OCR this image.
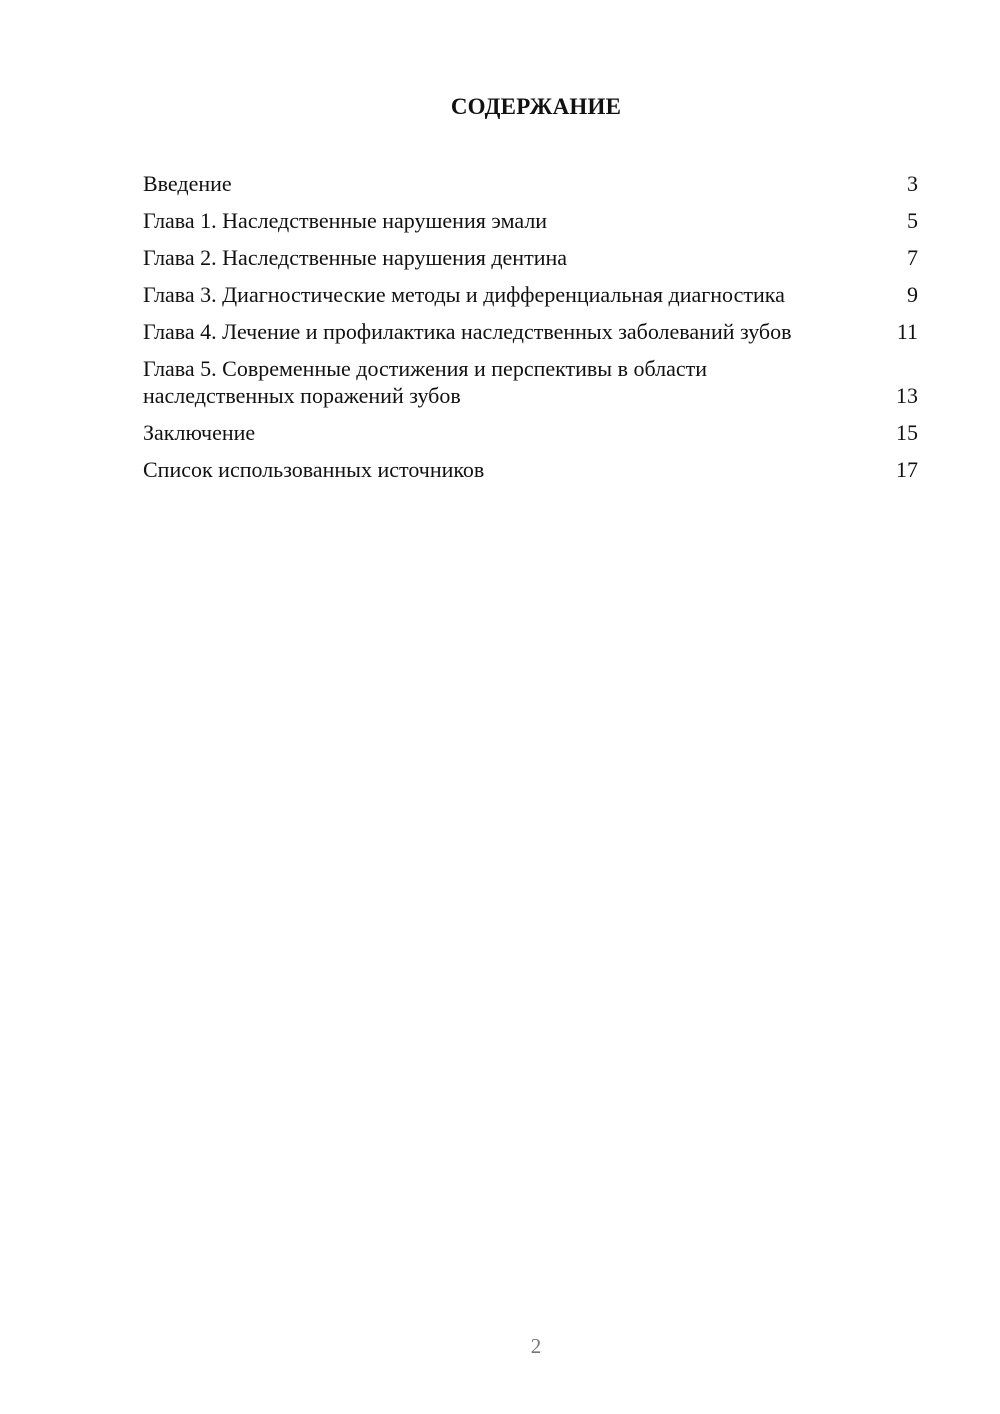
СОДЕРЖАНИЕ
Введение	3
Глава 1. Наследственные нарушения эмали	5
Глава 2. Наследственные нарушения дентина	7
Глава 3. Диагностические методы и дифференциальная диагностика	9
Глава 4. Лечение и профилактика наследственных заболеваний зубов	11
Глава 5. Современные достижения и перспективы в области наследственных поражений зубов	13
Заключение	15
Список использованных источников	17
2
